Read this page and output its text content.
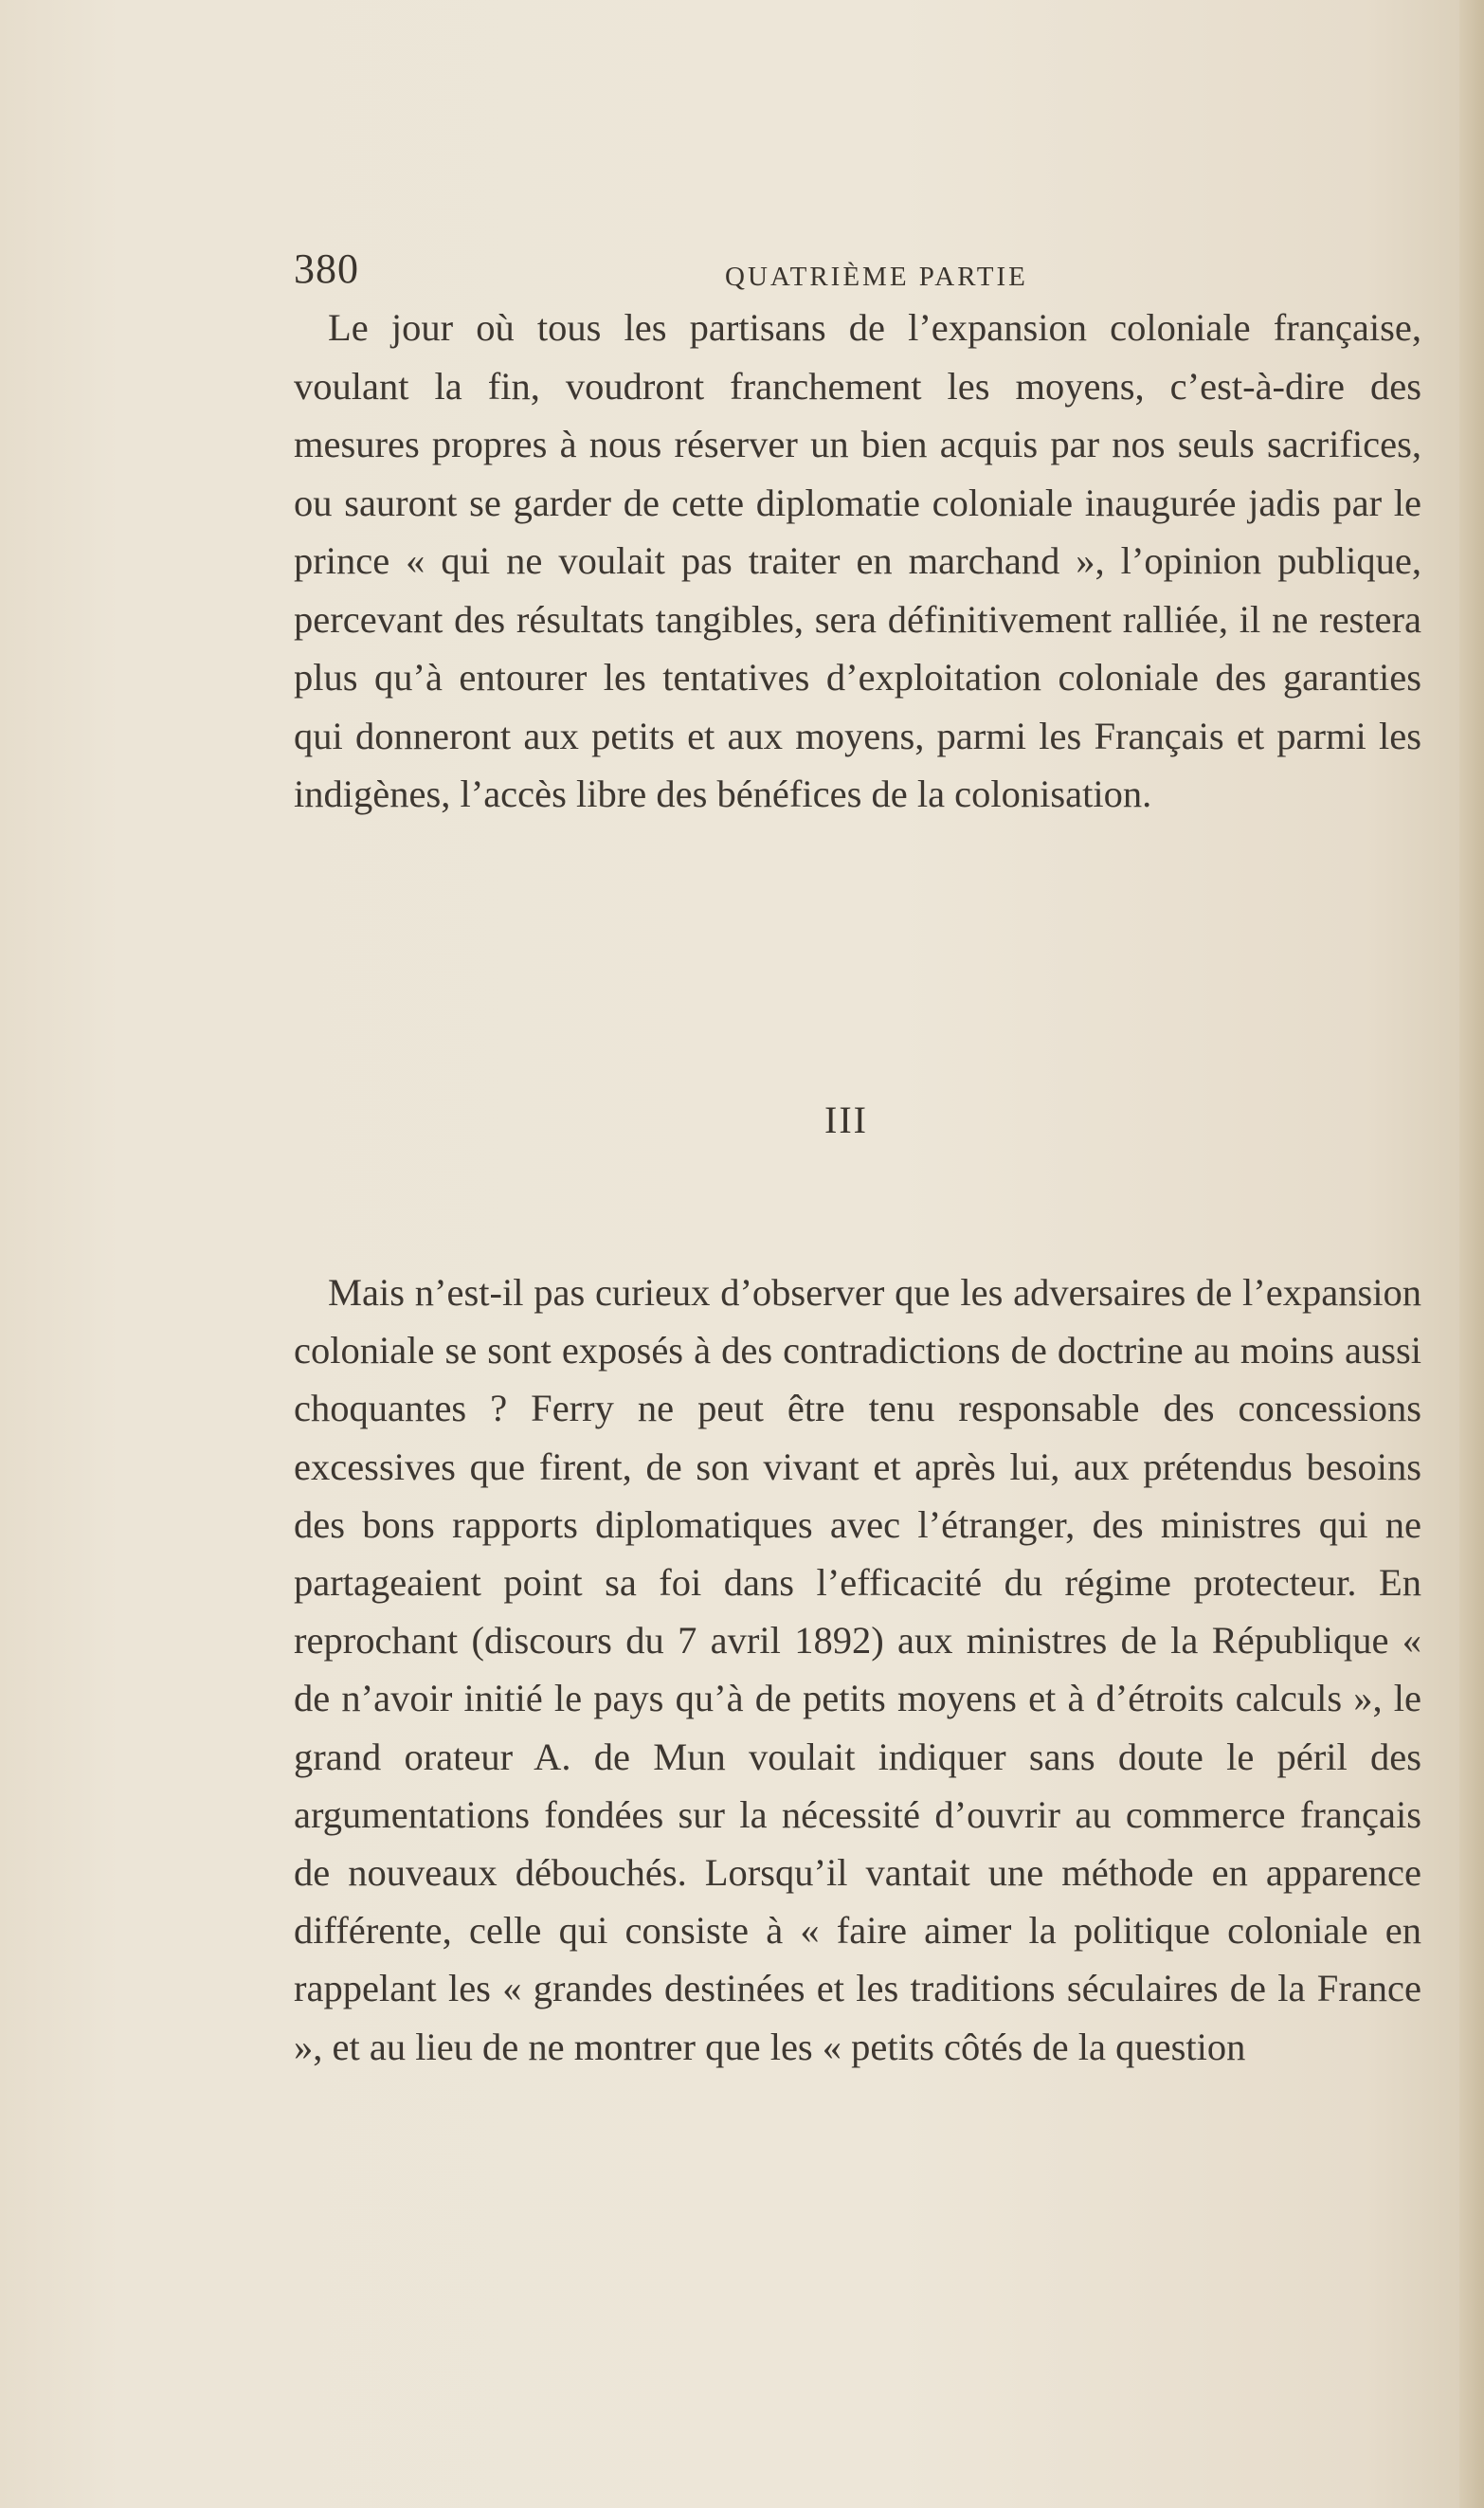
380	QUATRIÈME PARTIE

Le jour où tous les partisans de l’expansion coloniale française, voulant la fin, voudront franchement les moyens, c’est-à-dire des mesures propres à nous réserver un bien acquis par nos seuls sacrifices, ou sauront se garder de cette diplomatie coloniale inaugurée jadis par le prince « qui ne voulait pas traiter en marchand », l’opinion publique, percevant des résultats tangibles, sera définitivement ralliée, il ne restera plus qu’à entourer les tentatives d’exploitation coloniale des garanties qui donneront aux petits et aux moyens, parmi les Français et parmi les indigènes, l’accès libre des bénéfices de la colonisation.

III

Mais n’est-il pas curieux d’observer que les adversaires de l’expansion coloniale se sont exposés à des contradictions de doctrine au moins aussi choquantes ? Ferry ne peut être tenu responsable des concessions excessives que firent, de son vivant et après lui, aux prétendus besoins des bons rapports diplomatiques avec l’étranger, des ministres qui ne partageaient point sa foi dans l’efficacité du régime protecteur. En reprochant (discours du 7 avril 1892) aux ministres de la République « de n’avoir initié le pays qu’à de petits moyens et à d’étroits calculs », le grand orateur A. de Mun voulait indiquer sans doute le péril des argumentations fondées sur la nécessité d’ouvrir au commerce français de nouveaux débouchés. Lorsqu’il vantait une méthode en apparence différente, celle qui consiste à « faire aimer la politique coloniale en rappelant les « grandes destinées et les traditions séculaires de la France », et au lieu de ne montrer que les « petits côtés de la question
